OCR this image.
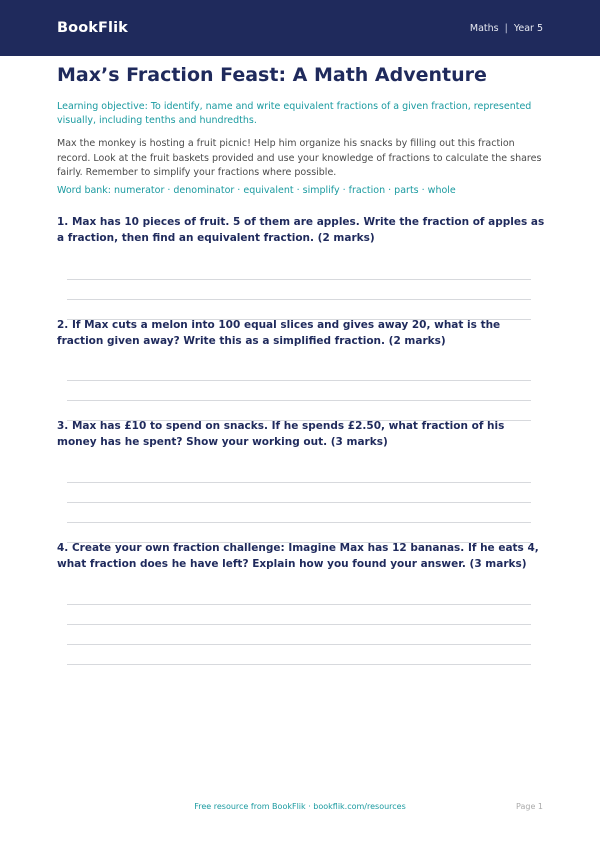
BookFlik	Maths | Year 5
Max’s Fraction Feast: A Math Adventure
Learning objective: To identify, name and write equivalent fractions of a given fraction, represented visually, including tenths and hundredths.
Max the monkey is hosting a fruit picnic! Help him organize his snacks by filling out this fraction record. Look at the fruit baskets provided and use your knowledge of fractions to calculate the shares fairly. Remember to simplify your fractions where possible.
Word bank: numerator · denominator · equivalent · simplify · fraction · parts · whole
1. Max has 10 pieces of fruit. 5 of them are apples. Write the fraction of apples as a fraction, then find an equivalent fraction. (2 marks)
2. If Max cuts a melon into 100 equal slices and gives away 20, what is the fraction given away? Write this as a simplified fraction. (2 marks)
3. Max has £10 to spend on snacks. If he spends £2.50, what fraction of his money has he spent? Show your working out. (3 marks)
4. Create your own fraction challenge: Imagine Max has 12 bananas. If he eats 4, what fraction does he have left? Explain how you found your answer. (3 marks)
Free resource from BookFlik · bookflik.com/resources	Page 1
